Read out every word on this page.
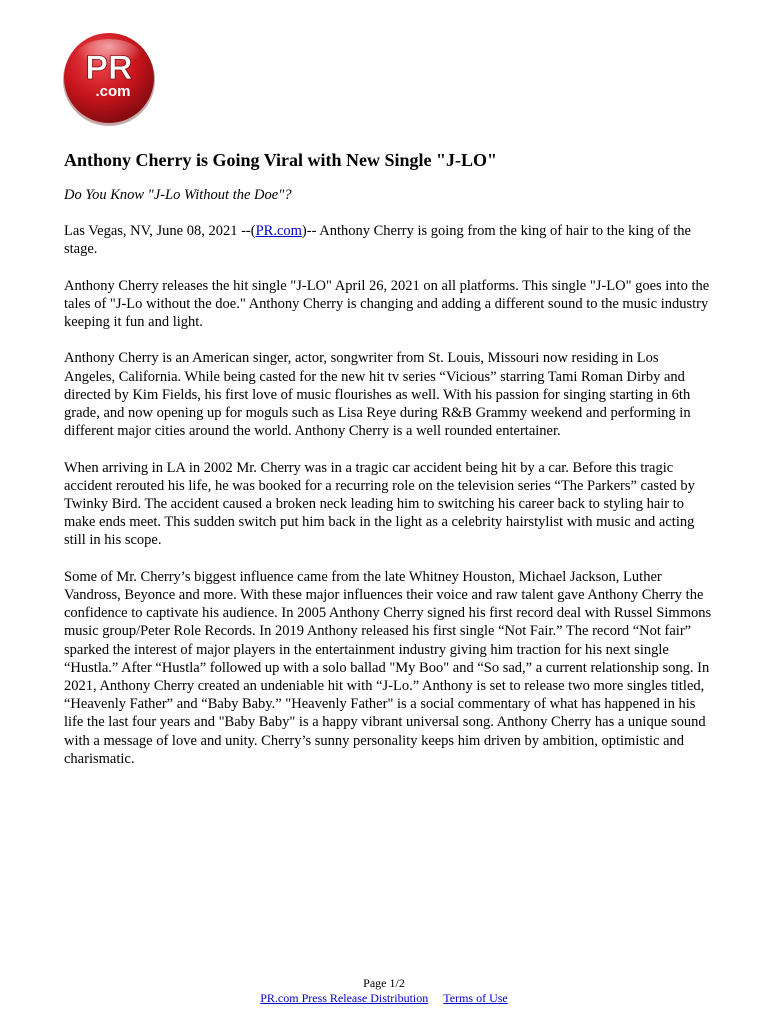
PR
.com
Anthony Cherry is Going Viral with New Single "J-LO"
Do You Know "J-Lo Without the Doe"?

Las Vegas, NV, June 08, 2021 --(PR.com)-- Anthony Cherry is going from the king of hair to the king of the stage.

Anthony Cherry releases the hit single "J-LO" April 26, 2021 on all platforms. This single "J-LO" goes into the tales of "J-Lo without the doe." Anthony Cherry is changing and adding a different sound to the music industry keeping it fun and light.

Anthony Cherry is an American singer, actor, songwriter from St. Louis, Missouri now residing in Los Angeles, California. While being casted for the new hit tv series “Vicious” starring Tami Roman Dirby and directed by Kim Fields, his first love of music flourishes as well. With his passion for singing starting in 6th grade, and now opening up for moguls such as Lisa Reye during R&B Grammy weekend and performing in different major cities around the world. Anthony Cherry is a well rounded entertainer.

When arriving in LA in 2002 Mr. Cherry was in a tragic car accident being hit by a car. Before this tragic accident rerouted his life, he was booked for a recurring role on the television series “The Parkers” casted by Twinky Bird. The accident caused a broken neck leading him to switching his career back to styling hair to make ends meet. This sudden switch put him back in the light as a celebrity hairstylist with music and acting still in his scope.

Some of Mr. Cherry’s biggest influence came from the late Whitney Houston, Michael Jackson, Luther Vandross, Beyonce and more. With these major influences their voice and raw talent gave Anthony Cherry the confidence to captivate his audience. In 2005 Anthony Cherry signed his first record deal with Russel Simmons music group/Peter Role Records. In 2019 Anthony released his first single “Not Fair.” The record “Not fair” sparked the interest of major players in the entertainment industry giving him traction for his next single “Hustla.” After “Hustla” followed up with a solo ballad "My Boo" and “So sad,” a current relationship song. In 2021, Anthony Cherry created an undeniable hit with “J-Lo.” Anthony is set to release two more singles titled, “Heavenly Father” and “Baby Baby.” "Heavenly Father" is a social commentary of what has happened in his life the last four years and "Baby Baby" is a happy vibrant universal song. Anthony Cherry has a unique sound with a message of love and unity. Cherry’s sunny personality keeps him driven by ambition, optimistic and charismatic.

Page 1/2
PR.com Press Release Distribution Terms of Use
